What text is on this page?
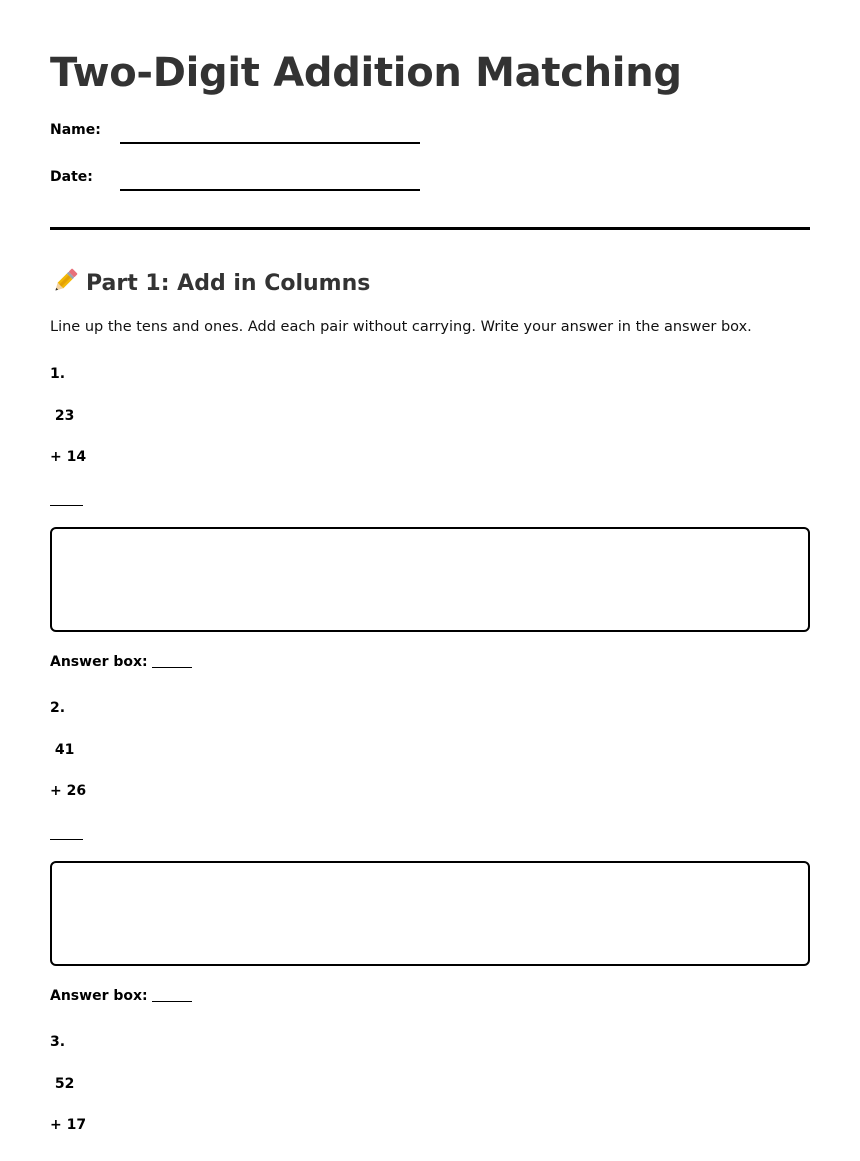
Two-Digit Addition Matching
Name:
Date:
Part 1: Add in Columns
Line up the tens and ones. Add each pair without carrying. Write your answer in the answer box.
1.
23
+ 14
Answer box:
2.
41
+ 26
Answer box:
3.
52
+ 17
